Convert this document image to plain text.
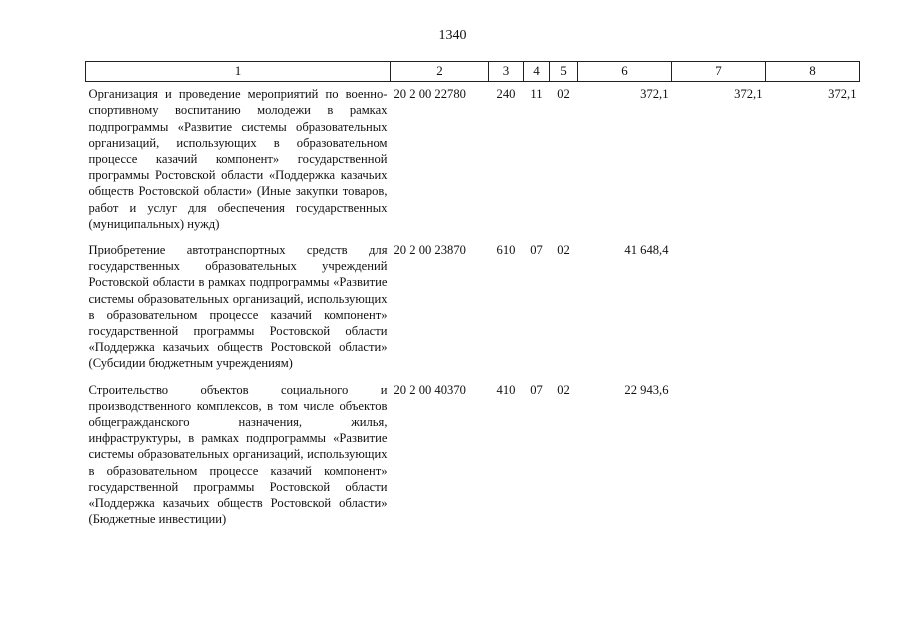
1340
1	2	3	4	5	6	7	8
Организация и проведение мероприятий по военно-спортивному воспитанию молодежи в рамках подпрограммы «Развитие системы образовательных организаций, использующих в образовательном процессе казачий компонент» государственной программы Ростовской области «Поддержка казачьих обществ Ростовской области» (Иные закупки товаров, работ и услуг для обеспечения государственных (муниципальных) нужд)	20 2 00 22780	240	11	02	372,1	372,1	372,1
Приобретение автотранспортных средств для государственных образовательных учреждений Ростовской области в рамках подпрограммы «Развитие системы образовательных организаций, использующих в образовательном процессе казачий компонент» государственной программы Ростовской области «Поддержка казачьих обществ Ростовской области» (Субсидии бюджетным учреждениям)	20 2 00 23870	610	07	02	41 648,4		
Строительство объектов социального и производственного комплексов, в том числе объектов общегражданского назначения, жилья, инфраструктуры, в рамках подпрограммы «Развитие системы образовательных организаций, использующих в образовательном процессе казачий компонент» государственной программы Ростовской области «Поддержка казачьих обществ Ростовской области» (Бюджетные инвестиции)	20 2 00 40370	410	07	02	22 943,6		
